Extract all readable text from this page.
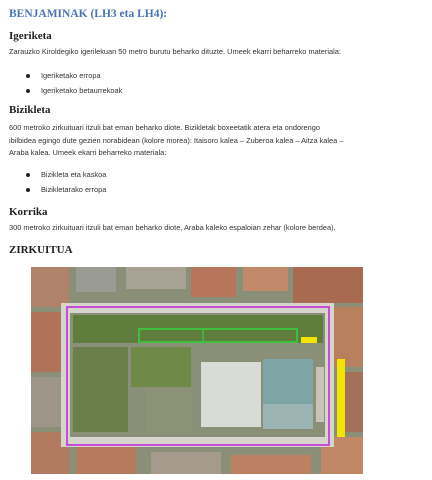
BENJAMINAK (LH3 eta LH4):
Igeriketa
Zarauzko Kiroldegiko igerilekuan 50 metro burutu beharko dituzte. Umeek ekarri beharreko materiala:
Igeriketako erropa
Igeriketako betaurrekoak
Bizikleta
600 metroko zirkuituari itzuli bat eman beharko diote. Bizikletak boxeetatik atera eta ondorengo
ibilbidea egingo dute gezien norabidean (kolore morea): Itaisoro kalea – Zuberoa kalea – Aitza kalea –
Araba kalea. Umeek ekarri beharreko materiala:
Bizikleta eta kaskoa
Bizikletarako erropa
Korrika
300 metroko zirkuituari itzuli bat eman beharko diote, Araba kaleko espaloian zehar (kolore berdea).
ZIRKUITUA
